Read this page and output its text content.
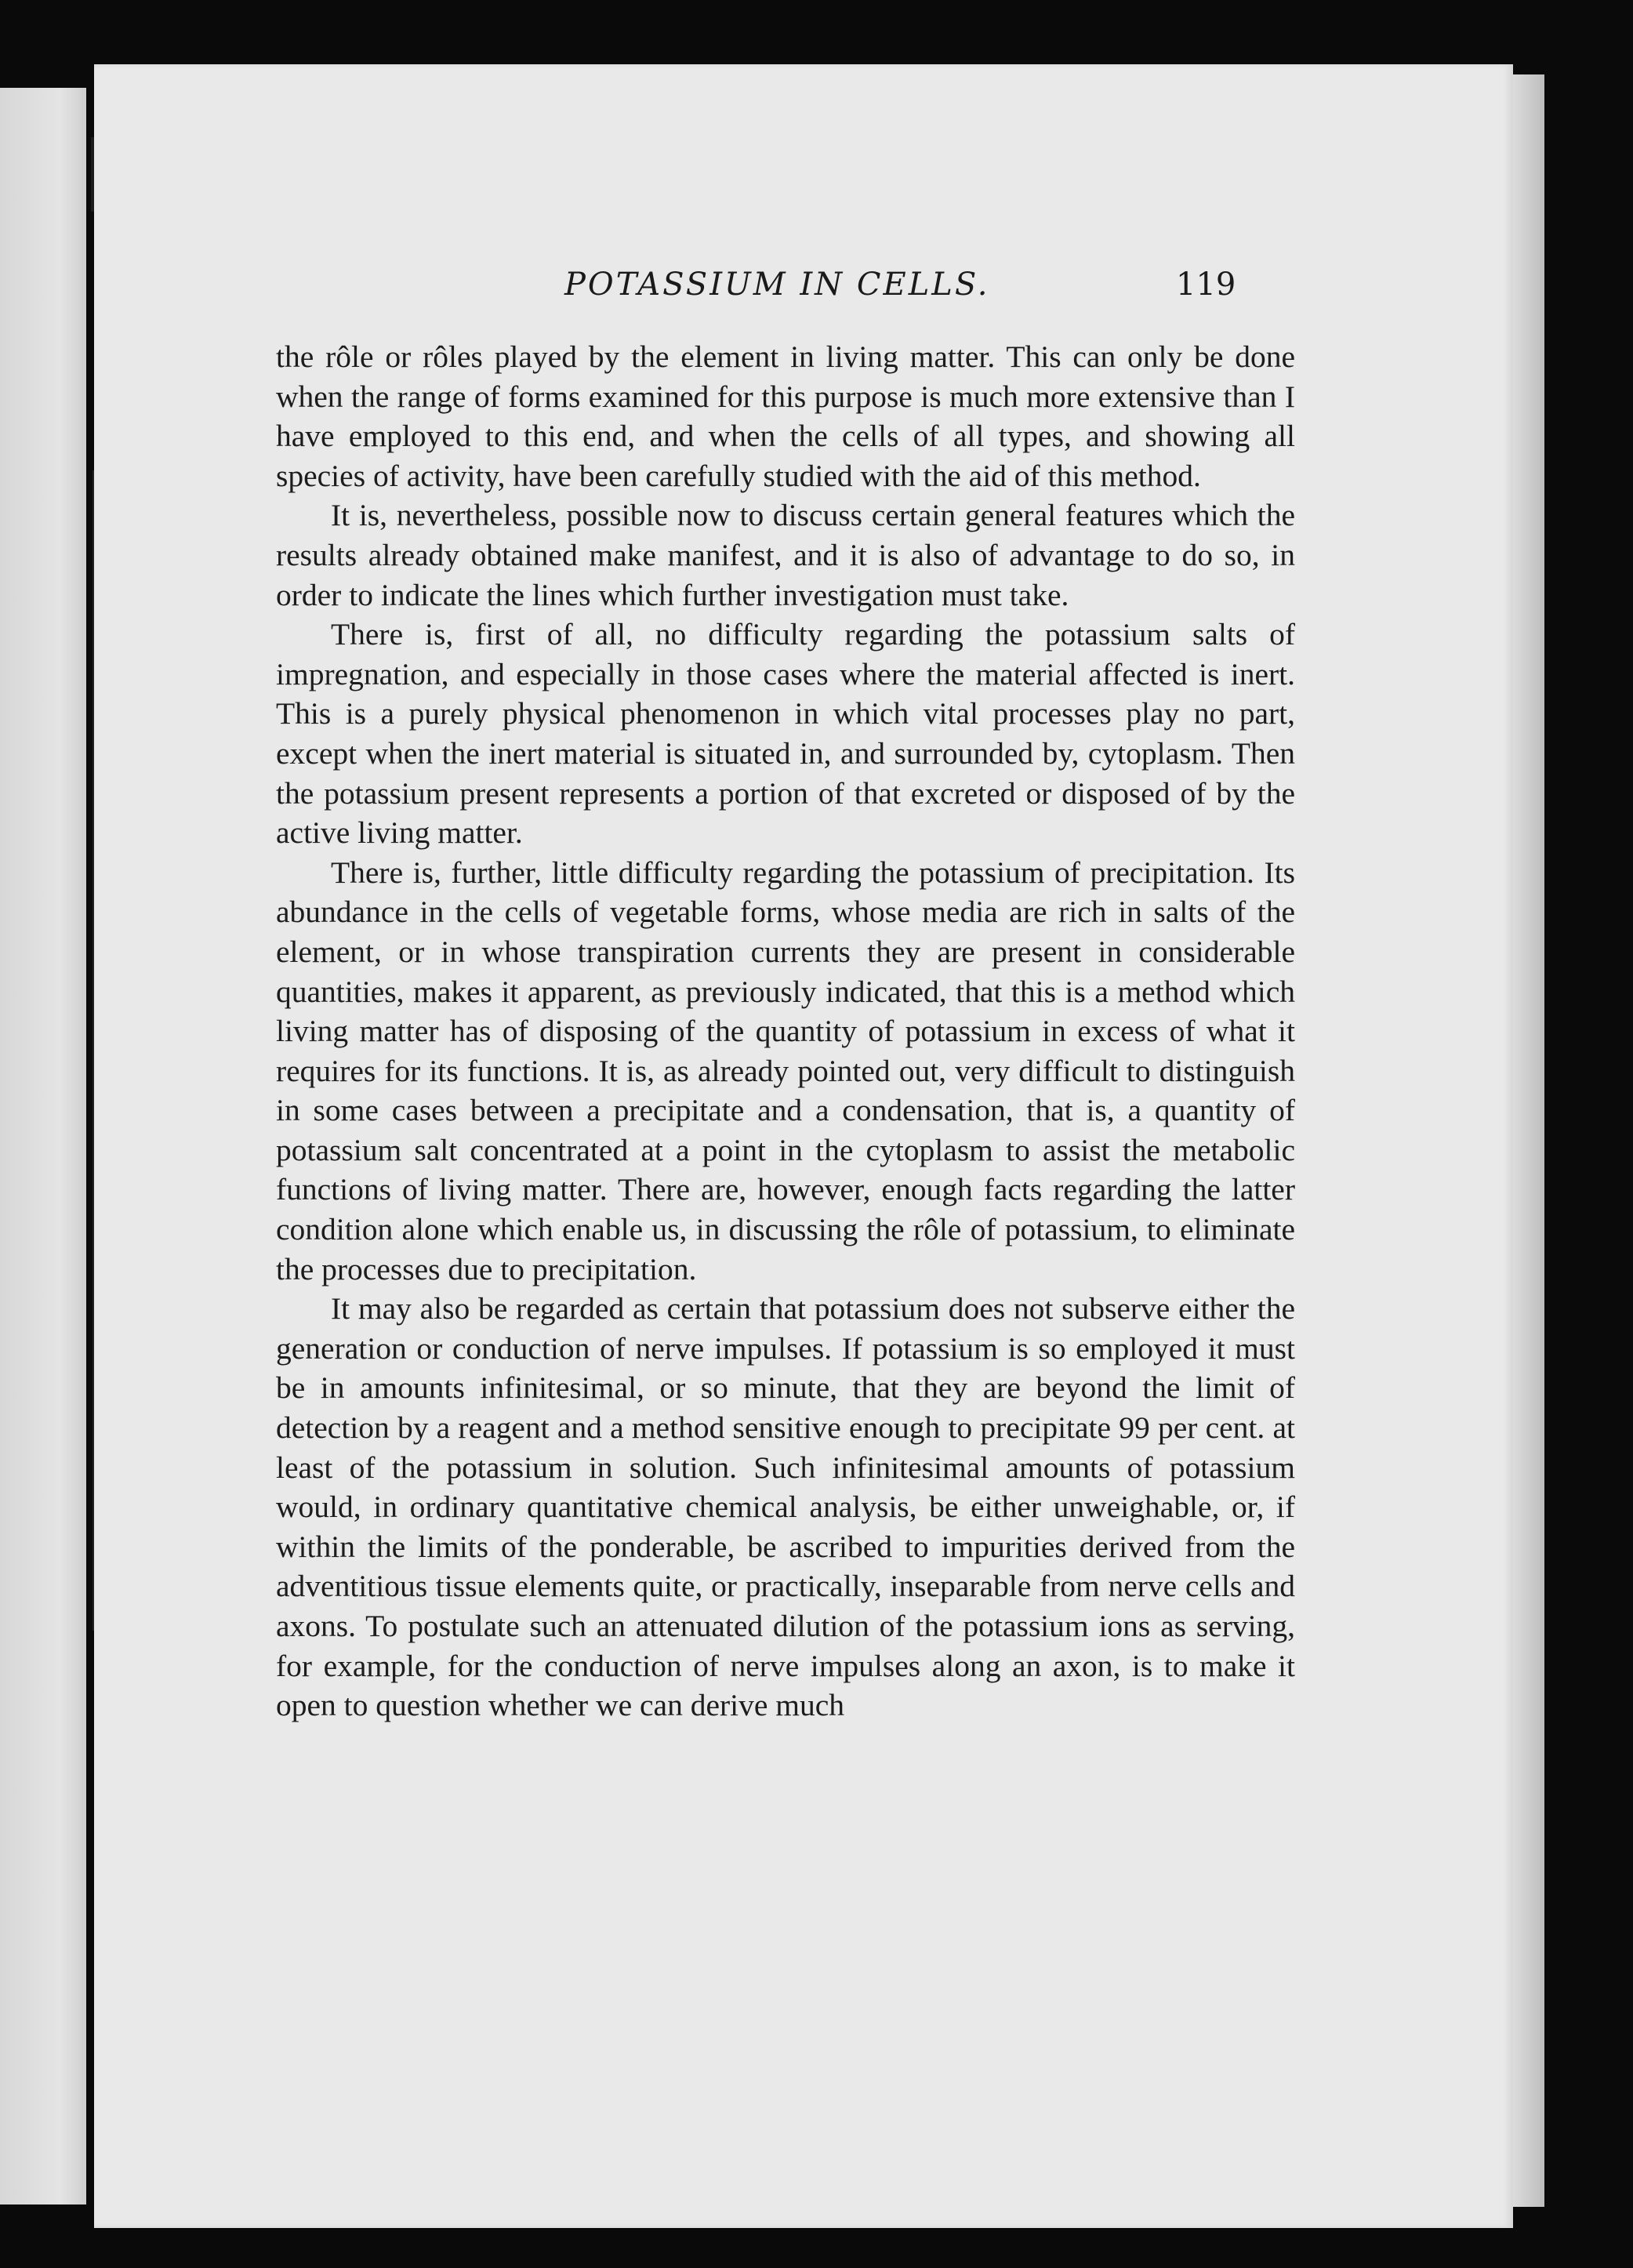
POTASSIUM IN CELLS.	119

the rôle or rôles played by the element in living matter. This can only be done when the range of forms examined for this purpose is much more extensive than I have employed to this end, and when the cells of all types, and showing all species of activity, have been carefully studied with the aid of this method.

It is, nevertheless, possible now to discuss certain general features which the results already obtained make manifest, and it is also of advantage to do so, in order to indicate the lines which further investigation must take.

There is, first of all, no difficulty regarding the potassium salts of impregnation, and especially in those cases where the material affected is inert. This is a purely physical phenomenon in which vital processes play no part, except when the inert material is situated in, and surrounded by, cytoplasm. Then the potassium present represents a portion of that excreted or disposed of by the active living matter.

There is, further, little difficulty regarding the potassium of precipitation. Its abundance in the cells of vegetable forms, whose media are rich in salts of the element, or in whose transpiration currents they are present in considerable quantities, makes it apparent, as previously indicated, that this is a method which living matter has of disposing of the quantity of potassium in excess of what it requires for its functions. It is, as already pointed out, very difficult to distinguish in some cases between a precipitate and a condensation, that is, a quantity of potassium salt concentrated at a point in the cytoplasm to assist the metabolic functions of living matter. There are, however, enough facts regarding the latter condition alone which enable us, in discussing the rôle of potassium, to eliminate the processes due to precipitation.

It may also be regarded as certain that potassium does not subserve either the generation or conduction of nerve impulses. If potassium is so employed it must be in amounts infinitesimal, or so minute, that they are beyond the limit of detection by a reagent and a method sensitive enough to precipitate 99 per cent. at least of the potassium in solution. Such infinitesimal amounts of potassium would, in ordinary quantitative chemical analysis, be either unweighable, or, if within the limits of the ponderable, be ascribed to impurities derived from the adventitious tissue elements quite, or practically, inseparable from nerve cells and axons. To postulate such an attenuated dilution of the potassium ions as serving, for example, for the conduction of nerve impulses along an axon, is to make it open to question whether we can derive much
